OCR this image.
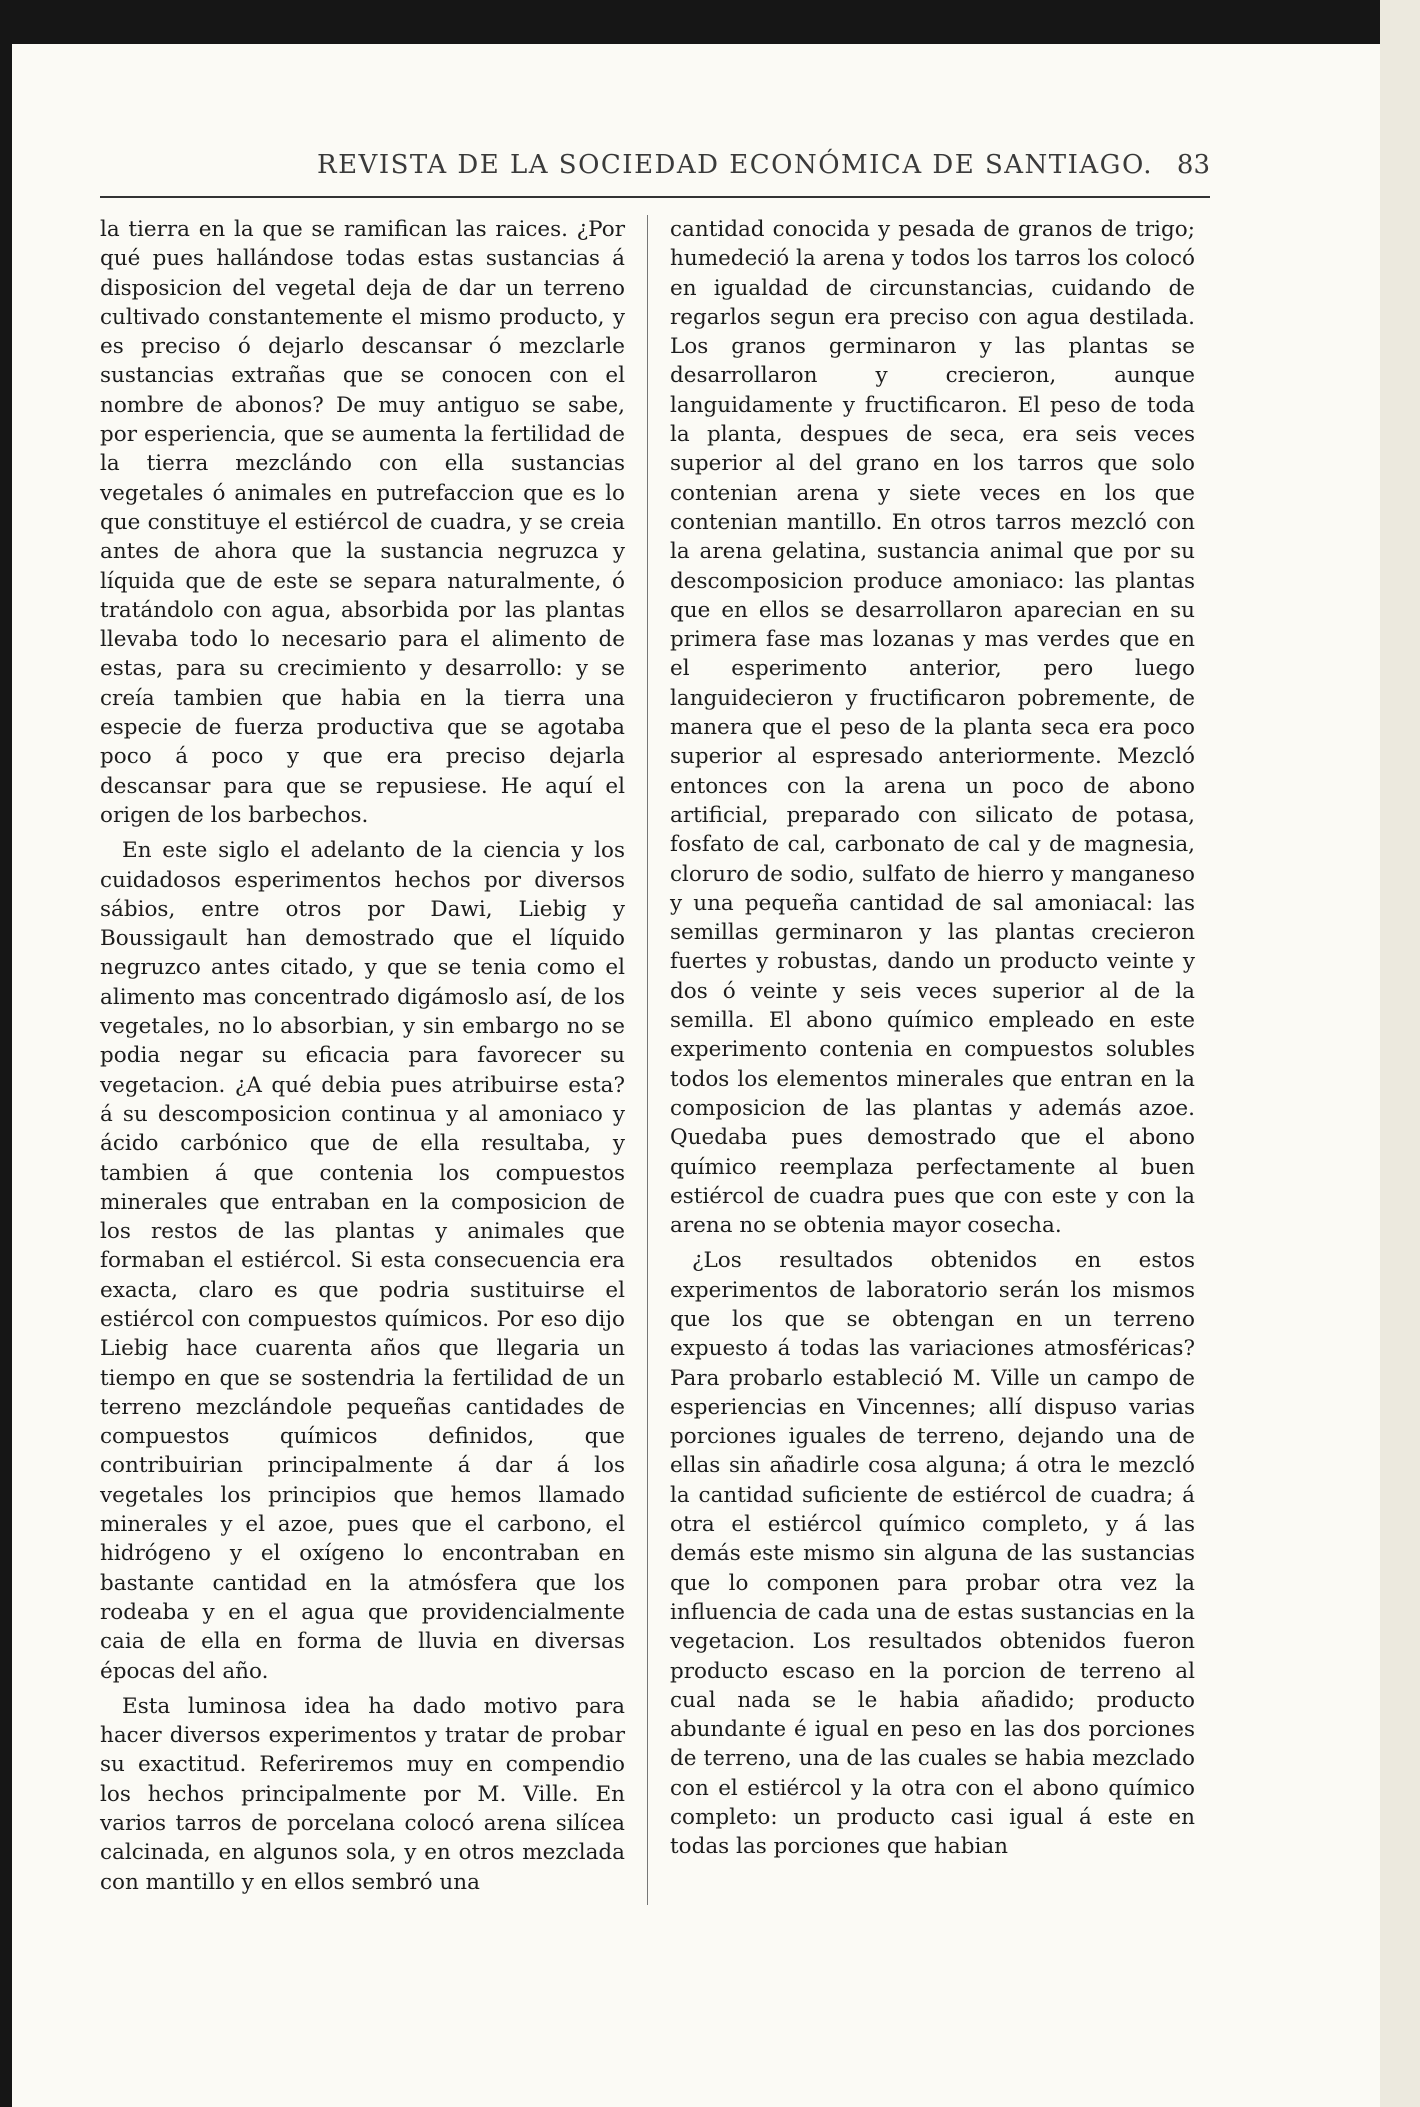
REVISTA DE LA SOCIEDAD ECONÓMICA DE SANTIAGO. 83

la tierra en la que se ramifican las raices. ¿Por qué pues hallándose todas estas sustancias á disposicion del vegetal deja de dar un terreno cultivado constantemente el mismo producto, y es preciso ó dejarlo descansar ó mezclarle sustancias extrañas que se conocen con el nombre de abonos? De muy antiguo se sabe, por esperiencia, que se aumenta la fertilidad de la tierra mezclándo con ella sustancias vegetales ó animales en putrefaccion que es lo que constituye el estiércol de cuadra, y se creia antes de ahora que la sustancia negruzca y líquida que de este se separa naturalmente, ó tratándolo con agua, absorbida por las plantas llevaba todo lo necesario para el alimento de estas, para su crecimiento y desarrollo: y se creía tambien que habia en la tierra una especie de fuerza productiva que se agotaba poco á poco y que era preciso dejarla descansar para que se repusiese. He aquí el origen de los barbechos.

En este siglo el adelanto de la ciencia y los cuidadosos esperimentos hechos por diversos sábios, entre otros por Dawi, Liebig y Boussigault han demostrado que el líquido negruzco antes citado, y que se tenia como el alimento mas concentrado digámoslo así, de los vegetales, no lo absorbian, y sin embargo no se podia negar su eficacia para favorecer su vegetacion. ¿A qué debia pues atribuirse esta? á su descomposicion continua y al amoniaco y ácido carbónico que de ella resultaba, y tambien á que contenia los compuestos minerales que entraban en la composicion de los restos de las plantas y animales que formaban el estiércol. Si esta consecuencia era exacta, claro es que podria sustituirse el estiércol con compuestos químicos. Por eso dijo Liebig hace cuarenta años que llegaria un tiempo en que se sostendria la fertilidad de un terreno mezclándole pequeñas cantidades de compuestos químicos definidos, que contribuirian principalmente á dar á los vegetales los principios que hemos llamado minerales y el azoe, pues que el carbono, el hidrógeno y el oxígeno lo encontraban en bastante cantidad en la atmósfera que los rodeaba y en el agua que providencialmente caia de ella en forma de lluvia en diversas épocas del año.

Esta luminosa idea ha dado motivo para hacer diversos experimentos y tratar de probar su exactitud. Referiremos muy en compendio los hechos principalmente por M. Ville. En varios tarros de porcelana colocó arena silícea calcinada, en algunos sola, y en otros mezclada con mantillo y en ellos sembró una

cantidad conocida y pesada de granos de trigo; humedeció la arena y todos los tarros los colocó en igualdad de circunstancias, cuidando de regarlos segun era preciso con agua destilada. Los granos germinaron y las plantas se desarrollaron y crecieron, aunque languidamente y fructificaron. El peso de toda la planta, despues de seca, era seis veces superior al del grano en los tarros que solo contenian arena y siete veces en los que contenian mantillo. En otros tarros mezcló con la arena gelatina, sustancia animal que por su descomposicion produce amoniaco: las plantas que en ellos se desarrollaron aparecian en su primera fase mas lozanas y mas verdes que en el esperimento anterior, pero luego languidecieron y fructificaron pobremente, de manera que el peso de la planta seca era poco superior al espresado anteriormente. Mezcló entonces con la arena un poco de abono artificial, preparado con silicato de potasa, fosfato de cal, carbonato de cal y de magnesia, cloruro de sodio, sulfato de hierro y manganeso y una pequeña cantidad de sal amoniacal: las semillas germinaron y las plantas crecieron fuertes y robustas, dando un producto veinte y dos ó veinte y seis veces superior al de la semilla. El abono químico empleado en este experimento contenia en compuestos solubles todos los elementos minerales que entran en la composicion de las plantas y además azoe. Quedaba pues demostrado que el abono químico reemplaza perfectamente al buen estiércol de cuadra pues que con este y con la arena no se obtenia mayor cosecha.

¿Los resultados obtenidos en estos experimentos de laboratorio serán los mismos que los que se obtengan en un terreno expuesto á todas las variaciones atmosféricas? Para probarlo estableció M. Ville un campo de esperiencias en Vincennes; allí dispuso varias porciones iguales de terreno, dejando una de ellas sin añadirle cosa alguna; á otra le mezcló la cantidad suficiente de estiércol de cuadra; á otra el estiércol químico completo, y á las demás este mismo sin alguna de las sustancias que lo componen para probar otra vez la influencia de cada una de estas sustancias en la vegetacion. Los resultados obtenidos fueron producto escaso en la porcion de terreno al cual nada se le habia añadido; producto abundante é igual en peso en las dos porciones de terreno, una de las cuales se habia mezclado con el estiércol y la otra con el abono químico completo: un producto casi igual á este en todas las porciones que habian
